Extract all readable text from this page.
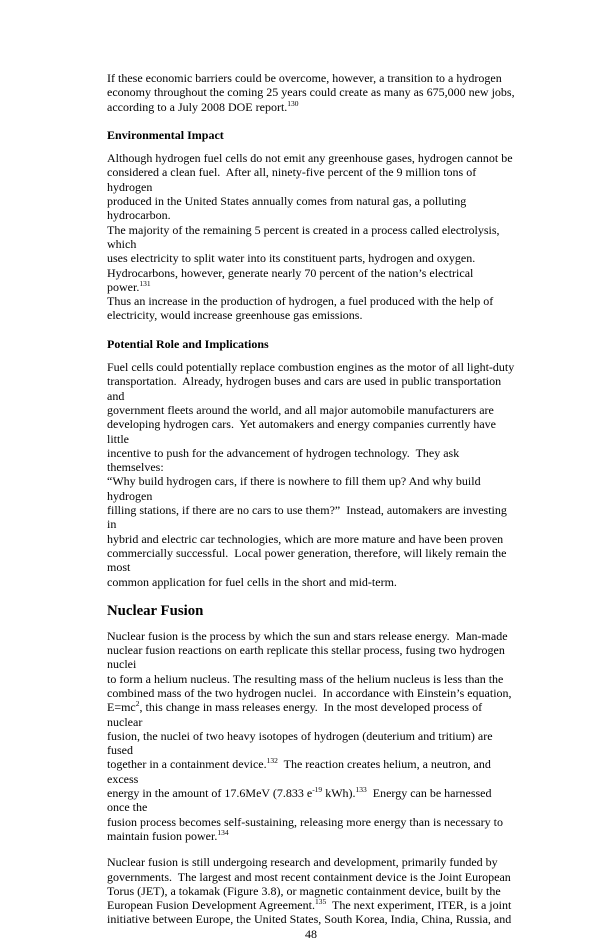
If these economic barriers could be overcome, however, a transition to a hydrogen
economy throughout the coming 25 years could create as many as 675,000 new jobs,
according to a July 2008 DOE report.$^{130}$

Environmental Impact

Although hydrogen fuel cells do not emit any greenhouse gases, hydrogen cannot be
considered a clean fuel.  After all, ninety-five percent of the 9 million tons of hydrogen
produced in the United States annually comes from natural gas, a polluting hydrocarbon.
The majority of the remaining 5 percent is created in a process called electrolysis, which
uses electricity to split water into its constituent parts, hydrogen and oxygen.
Hydrocarbons, however, generate nearly 70 percent of the nation’s electrical power.$^{131}$
Thus an increase in the production of hydrogen, a fuel produced with the help of
electricity, would increase greenhouse gas emissions.

Potential Role and Implications

Fuel cells could potentially replace combustion engines as the motor of all light-duty
transportation.  Already, hydrogen buses and cars are used in public transportation and
government fleets around the world, and all major automobile manufacturers are
developing hydrogen cars.  Yet automakers and energy companies currently have little
incentive to push for the advancement of hydrogen technology.  They ask themselves:
“Why build hydrogen cars, if there is nowhere to fill them up? And why build hydrogen
filling stations, if there are no cars to use them?”  Instead, automakers are investing in
hybrid and electric car technologies, which are more mature and have been proven
commercially successful.  Local power generation, therefore, will likely remain the most
common application for fuel cells in the short and mid-term.

Nuclear Fusion

Nuclear fusion is the process by which the sun and stars release energy.  Man-made
nuclear fusion reactions on earth replicate this stellar process, fusing two hydrogen nuclei
to form a helium nucleus. The resulting mass of the helium nucleus is less than the
combined mass of the two hydrogen nuclei.  In accordance with Einstein’s equation,
$E=mc^2$, this change in mass releases energy.  In the most developed process of nuclear
fusion, the nuclei of two heavy isotopes of hydrogen (deuterium and tritium) are fused
together in a containment device.$^{132}$  The reaction creates helium, a neutron, and excess
energy in the amount of 17.6MeV (7.833 $e^{-19}$ kWh).$^{133}$  Energy can be harnessed once the
fusion process becomes self-sustaining, releasing more energy than is necessary to
maintain fusion power.$^{134}$

Nuclear fusion is still undergoing research and development, primarily funded by
governments.  The largest and most recent containment device is the Joint European
Torus (JET), a tokamak (Figure 3.8), or magnetic containment device, built by the
European Fusion Development Agreement.$^{135}$  The next experiment, ITER, is a joint
initiative between Europe, the United States, South Korea, India, China, Russia, and

48
